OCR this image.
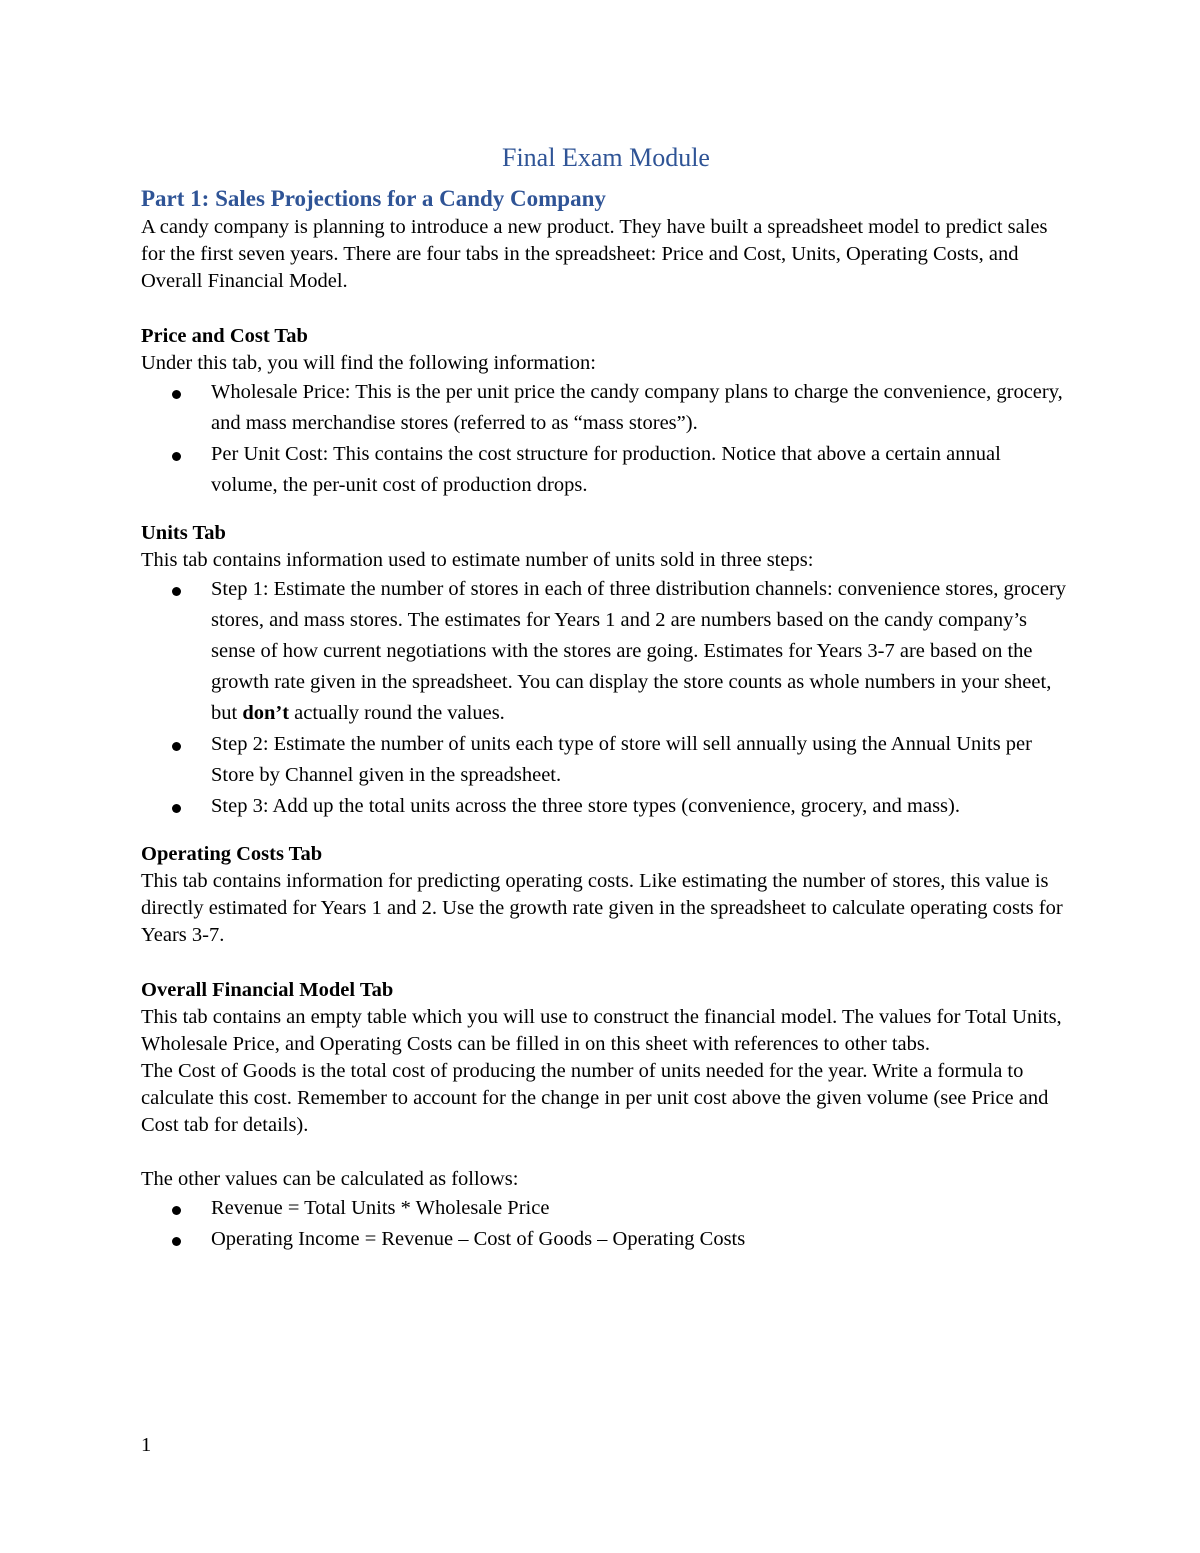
Final Exam Module
Part 1: Sales Projections for a Candy Company

A candy company is planning to introduce a new product. They have built a spreadsheet model to predict sales for the first seven years. There are four tabs in the spreadsheet: Price and Cost, Units, Operating Costs, and Overall Financial Model.

Price and Cost Tab

Under this tab, you will find the following information:

Wholesale Price: This is the per unit price the candy company plans to charge the convenience, grocery, and mass merchandise stores (referred to as “mass stores”).
Per Unit Cost: This contains the cost structure for production. Notice that above a certain annual volume, the per-unit cost of production drops.
Units Tab

This tab contains information used to estimate number of units sold in three steps:

Step 1: Estimate the number of stores in each of three distribution channels: convenience stores, grocery stores, and mass stores. The estimates for Years 1 and 2 are numbers based on the candy company’s sense of how current negotiations with the stores are going. Estimates for Years 3-7 are based on the growth rate given in the spreadsheet. You can display the store counts as whole numbers in your sheet, but don’t actually round the values.
Step 2: Estimate the number of units each type of store will sell annually using the Annual Units per Store by Channel given in the spreadsheet.
Step 3: Add up the total units across the three store types (convenience, grocery, and mass).
Operating Costs Tab

This tab contains information for predicting operating costs. Like estimating the number of stores, this value is directly estimated for Years 1 and 2. Use the growth rate given in the spreadsheet to calculate operating costs for Years 3-7.

Overall Financial Model Tab

This tab contains an empty table which you will use to construct the financial model. The values for Total Units, Wholesale Price, and Operating Costs can be filled in on this sheet with references to other tabs.

The Cost of Goods is the total cost of producing the number of units needed for the year. Write a formula to calculate this cost. Remember to account for the change in per unit cost above the given volume (see Price and Cost tab for details).

The other values can be calculated as follows:

Revenue = Total Units * Wholesale Price
Operating Income = Revenue – Cost of Goods – Operating Costs
1
